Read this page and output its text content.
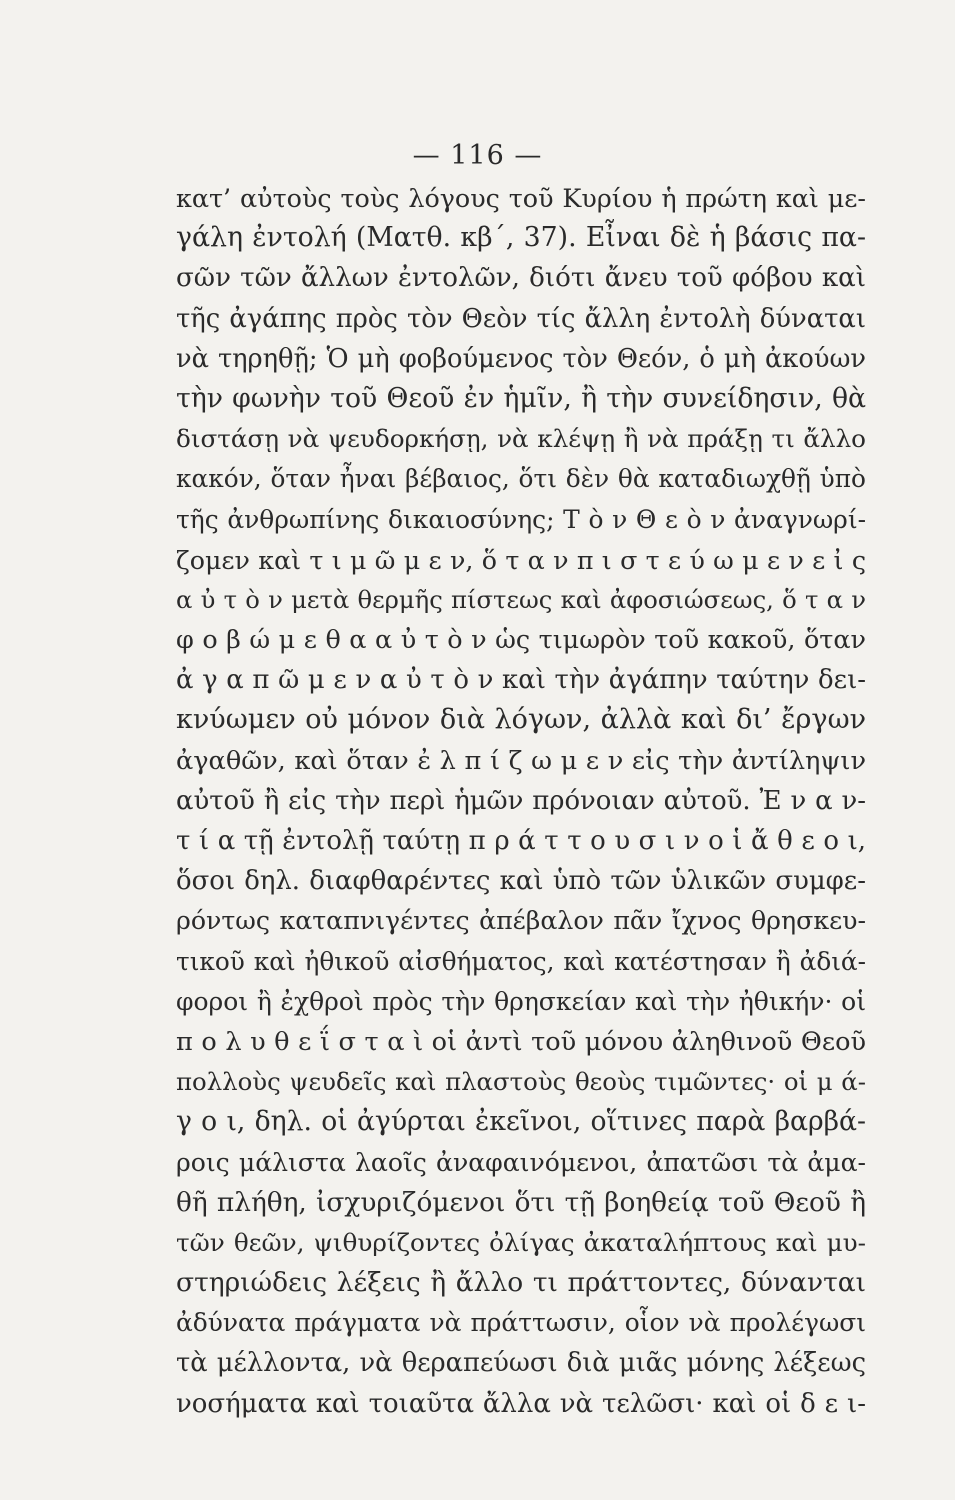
— 116 —
κατ’ αὐτοὺς τοὺς λόγους τοῦ Κυρίου ἡ πρώτη καὶ με-
γάλη ἐντολή (Ματθ. κβ΄, 37). Εἶναι δὲ ἡ βάσις πα-
σῶν τῶν ἄλλων ἐντολῶν, διότι ἄνευ τοῦ φόβου καὶ
τῆς ἀγάπης πρὸς τὸν Θεὸν τίς ἄλλη ἐντολὴ δύναται
νὰ τηρηθῇ; Ὁ μὴ φοβούμενος τὸν Θεόν, ὁ μὴ ἀκούων
τὴν φωνὴν τοῦ Θεοῦ ἐν ἡμῖν, ἢ τὴν συνείδησιν, θὰ
διστάσῃ νὰ ψευδορκήσῃ, νὰ κλέψῃ ἢ νὰ πράξῃ τι ἄλλο
κακόν, ὅταν ἦναι βέβαιος, ὅτι δὲν θὰ καταδιωχθῇ ὑπὸ
τῆς ἀνθρωπίνης δικαιοσύνης; Τ ὸ ν Θ ε ὸ ν ἀναγνωρί-
ζομεν καὶ τ ι μ ῶ μ ε ν, ὅ τ α ν π ι σ τ ε ύ ω μ ε ν ε ἰ ς
α ὐ τ ὸ ν μετὰ θερμῆς πίστεως καὶ ἀφοσιώσεως, ὅ τ α ν
φ ο β ώ μ ε θ α α ὐ τ ὸ ν ὡς τιμωρὸν τοῦ κακοῦ, ὅταν
ἀ γ α π ῶ μ ε ν α ὐ τ ὸ ν καὶ τὴν ἀγάπην ταύτην δει-
κνύωμεν οὐ μόνον διὰ λόγων, ἀλλὰ καὶ δι’ ἔργων
ἀγαθῶν, καὶ ὅταν ἐ λ π ί ζ ω μ ε ν εἰς τὴν ἀντίληψιν
αὐτοῦ ἢ εἰς τὴν περὶ ἡμῶν πρόνοιαν αὐτοῦ. Ἐ ν α ν-
τ ί α τῇ ἐντολῇ ταύτῃ π ρ ά τ τ ο υ σ ι ν ο ἱ ἄ θ ε ο ι,
ὅσοι δηλ. διαφθαρέντες καὶ ὑπὸ τῶν ὑλικῶν συμφε-
ρόντως καταπνιγέντες ἀπέβαλον πᾶν ἴχνος θρησκευ-
τικοῦ καὶ ἠθικοῦ αἰσθήματος, καὶ κατέστησαν ἢ ἀδιά-
φοροι ἢ ἐχθροὶ πρὸς τὴν θρησκείαν καὶ τὴν ἠθικήν· οἱ
π ο λ υ θ ε ΐ σ τ α ὶ οἱ ἀντὶ τοῦ μόνου ἀληθινοῦ Θεοῦ
πολλοὺς ψευδεῖς καὶ πλαστοὺς θεοὺς τιμῶντες· οἱ μ ά-
γ ο ι, δηλ. οἱ ἀγύρται ἐκεῖνοι, οἵτινες παρὰ βαρβά-
ροις μάλιστα λαοῖς ἀναφαινόμενοι, ἀπατῶσι τὰ ἀμα-
θῆ πλήθη, ἰσχυριζόμενοι ὅτι τῇ βοηθείᾳ τοῦ Θεοῦ ἢ
τῶν θεῶν, ψιθυρίζοντες ὀλίγας ἀκαταλήπτους καὶ μυ-
στηριώδεις λέξεις ἢ ἄλλο τι πράττοντες, δύνανται
ἀδύνατα πράγματα νὰ πράττωσιν, οἷον νὰ προλέγωσι
τὰ μέλλοντα, νὰ θεραπεύωσι διὰ μιᾶς μόνης λέξεως
νοσήματα καὶ τοιαῦτα ἄλλα νὰ τελῶσι· καὶ οἱ δ ε ι-
